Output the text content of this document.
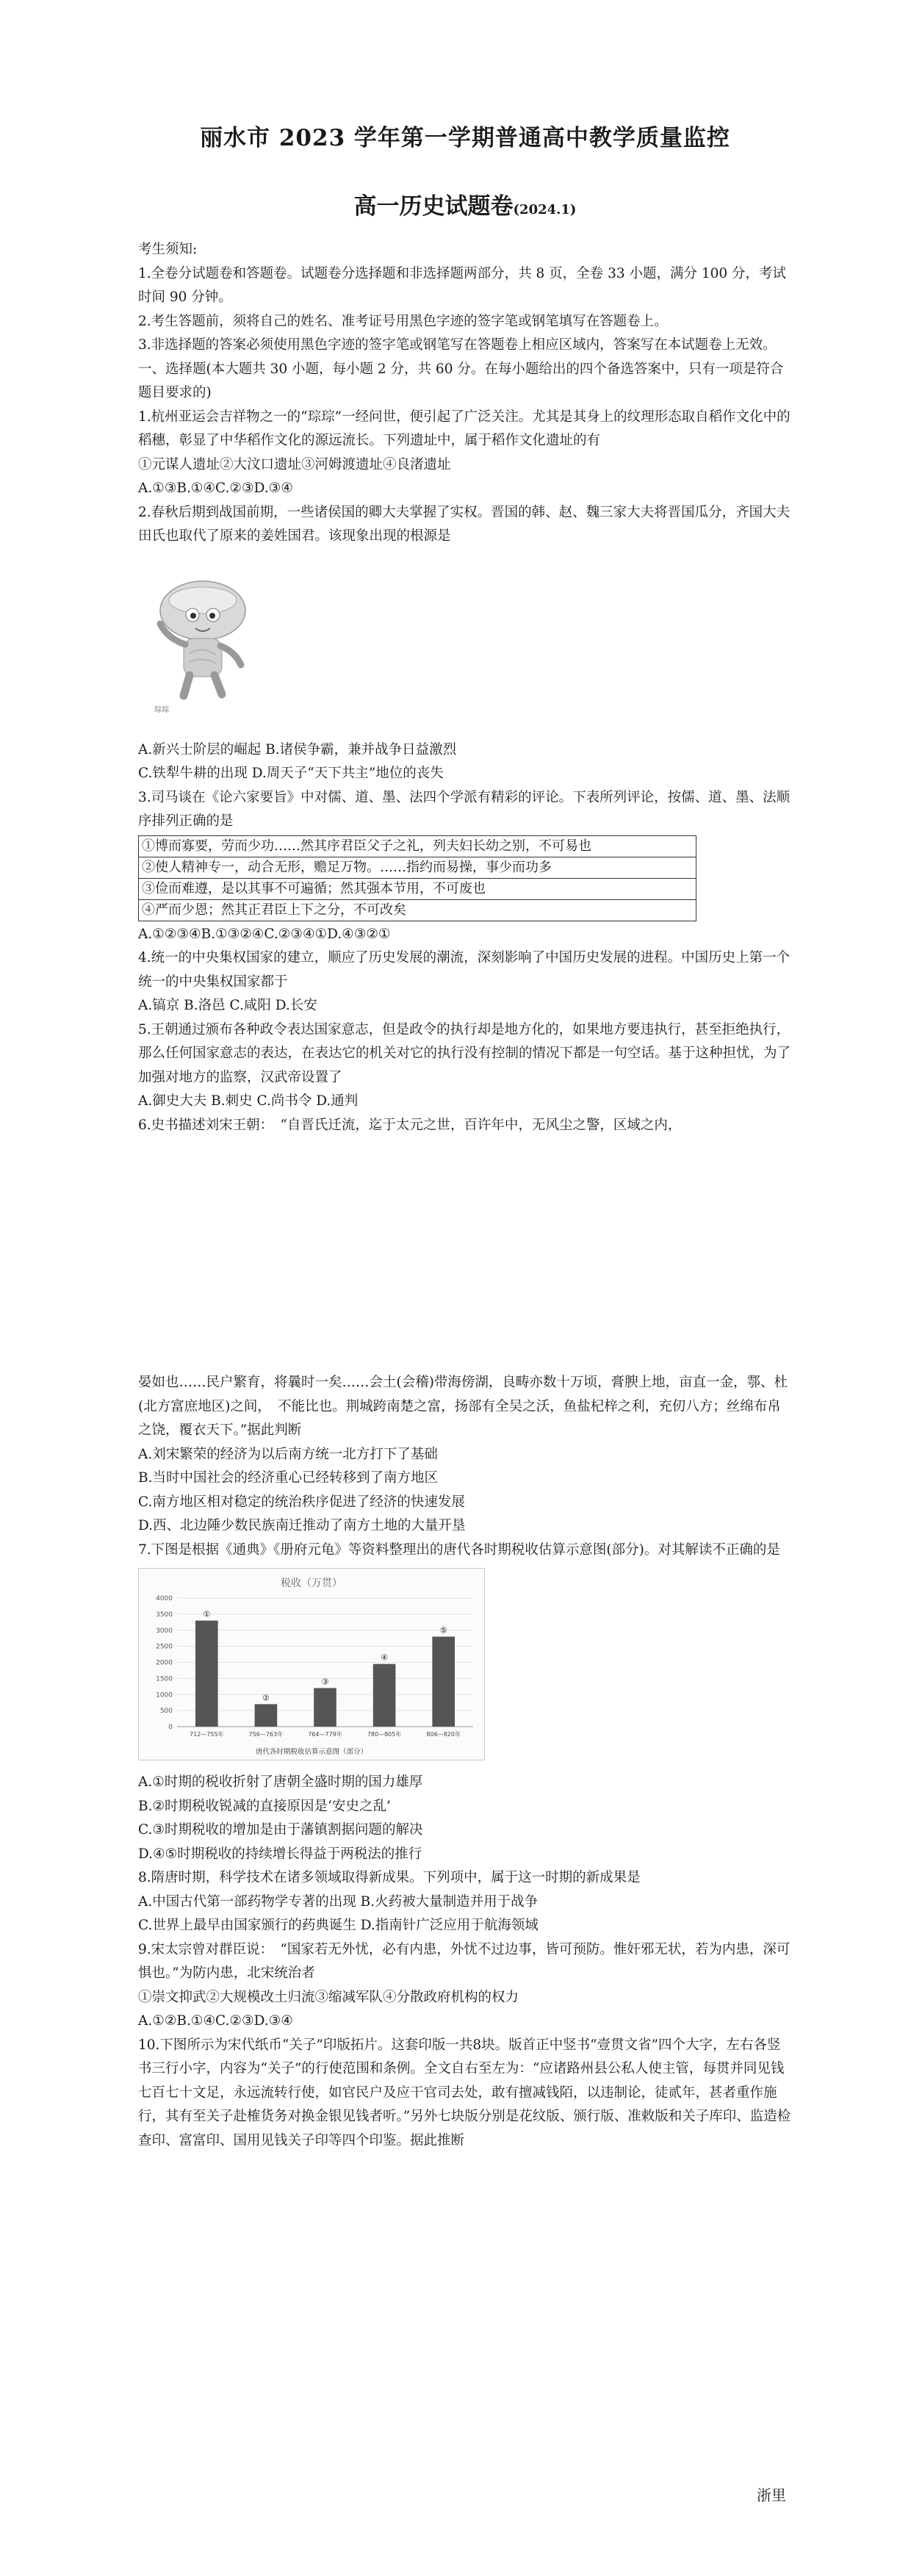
丽水市 2023 学年第一学期普通高中教学质量监控
高一历史试题卷(2024.1)

考生须知:

1.全卷分试题卷和答题卷。试题卷分选择题和非选择题两部分，共 8 页，全卷 33 小题，满分 100 分，考试时间 90 分钟。

2.考生答题前，须将自己的姓名、准考证号用黑色字迹的签字笔或钢笔填写在答题卷上。

3.非选择题的答案必须使用黑色字迹的签字笔或钢笔写在答题卷上相应区域内，答案写在本试题卷上无效。

一、选择题(本大题共 30 小题，每小题 2 分，共 60 分。在每小题给出的四个备选答案中，只有一项是符合题目要求的)

1.杭州亚运会吉祥物之一的“琮琮”一经问世，便引起了广泛关注。尤其是其身上的纹理形态取自稻作文化中的稻穗，彰显了中华稻作文化的源远流长。下列遗址中，属于稻作文化遗址的有

①元谋人遗址②大汶口遗址③河姆渡遗址④良渚遗址

A.①③B.①④C.②③D.③④

2.春秋后期到战国前期，一些诸侯国的卿大夫掌握了实权。晋国的韩、赵、魏三家大夫将晋国瓜分，齐国大夫田氏也取代了原来的姜姓国君。该现象出现的根源是

琮琮

A.新兴士阶层的崛起 B.诸侯争霸，兼并战争日益激烈

C.铁犁牛耕的出现 D.周天子“天下共主”地位的丧失

3.司马谈在《论六家要旨》中对儒、道、墨、法四个学派有精彩的评论。下表所列评论，按儒、道、墨、法顺序排列正确的是

①博而寡要，劳而少功……然其序君臣父子之礼，列夫妇长幼之别，不可易也
②使人精神专一，动合无形，赡足万物。……指约而易操，事少而功多
③俭而难遵，是以其事不可遍循；然其强本节用，不可废也
④严而少恩；然其正君臣上下之分，不可改矣

A.①②③④B.①③②④C.②③④①D.④③②①

4.统一的中央集权国家的建立，顺应了历史发展的潮流，深刻影响了中国历史发展的进程。中国历史上第一个统一的中央集权国家都于

A.镐京 B.洛邑 C.咸阳 D.长安

5.王朝通过颁布各种政令表达国家意志，但是政令的执行却是地方化的，如果地方要违执行，甚至拒绝执行，那么任何国家意志的表达，在表达它的机关对它的执行没有控制的情况下都是一句空话。基于这种担忧，为了加强对地方的监察，汉武帝设置了

A.御史大夫 B.刺史 C.尚书令 D.通判

6.史书描述刘宋王朝：　“自晋氏迁流，迄于太元之世，百许年中，无风尘之警，区域之内，

晏如也……民户繁育，将曩时一矣……会土(会稽)带海傍湖，良畴亦数十万顷，膏腴上地，亩直一金，鄠、杜(北方富庶地区)之间，　不能比也。荆城跨南楚之富，扬部有全吴之沃，鱼盐杞梓之利，充仞八方；丝绵布帛之饶，覆衣天下。”据此判断

A.刘宋繁荣的经济为以后南方统一北方打下了基础

B.当时中国社会的经济重心已经转移到了南方地区

C.南方地区相对稳定的统治秩序促进了经济的快速发展

D.西、北边陲少数民族南迁推动了南方土地的大量开垦

7.下图是根据《通典》《册府元龟》等资料整理出的唐代各时期税收估算示意图(部分)。对其解读不正确的是

税收（万贯）
0
500
1000
1500
2000
2500
3000
3500
4000
①
712—755年
②
756—763年
③
764—779年
④
780—805年
⑤
806—820年
唐代各时期税收估算示意图（部分）

A.①时期的税收折射了唐朝全盛时期的国力雄厚

B.②时期税收锐减的直接原因是‘安史之乱’

C.③时期税收的增加是由于藩镇割据问题的解决

D.④⑤时期税收的持续增长得益于两税法的推行

8.隋唐时期，科学技术在诸多领域取得新成果。下列项中，属于这一时期的新成果是

A.中国古代第一部药物学专著的出现 B.火药被大量制造并用于战争

C.世界上最早由国家颁行的药典诞生 D.指南针广泛应用于航海领域

9.宋太宗曾对群臣说：　“国家若无外忧，必有内患，外忧不过边事，皆可预防。惟奸邪无状，若为内患，深可惧也。”为防内患，北宋统治者

①崇文抑武②大规模改土归流③缩减军队④分散政府机构的权力

A.①②B.①④C.②③D.③④

10.下图所示为宋代纸币“关子”印版拓片。这套印版一共8块。版首正中竖书“壹贯文省”四个大字，左右各竖书三行小字，内容为“关子”的行使范围和条例。全文自右至左为：“应诸路州县公私人使主管，每贯并同见钱七百七十文足，永远流转行使，如官民户及应干官司去处，敢有擅减钱陌，以违制论，徒贰年，甚者重作施行，其有至关子赴榷货务对换金银见钱者听。”另外七块版分别是花纹版、颁行版、准敕版和关子库印、监造检查印、富富印、国用见钱关子印等四个印鉴。据此推断

浙里
